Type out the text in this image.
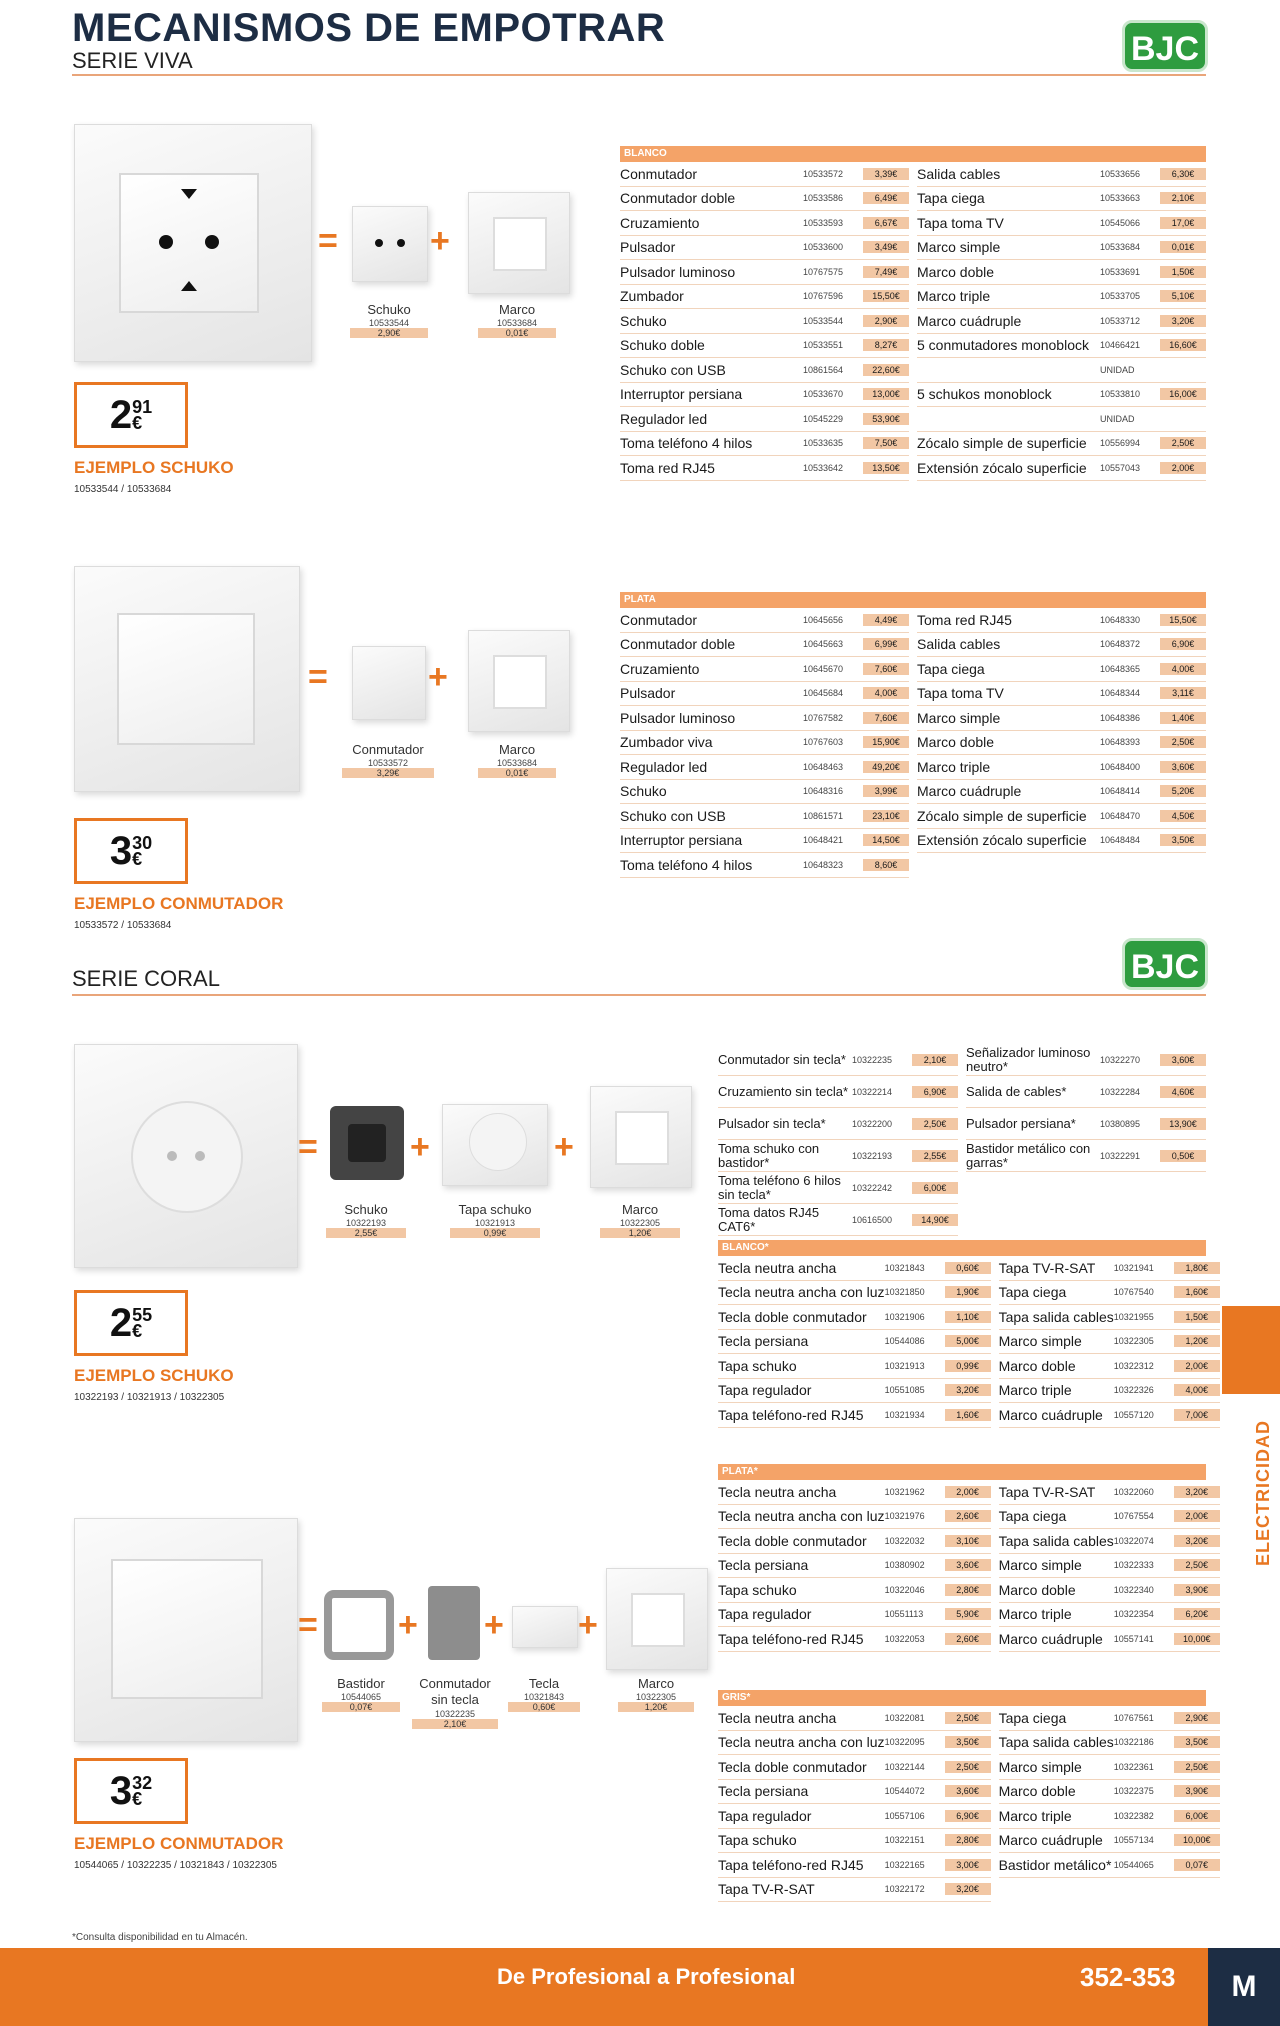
MECANISMOS DE EMPOTRAR
SERIE VIVA	BJC
=	+
Schuko
10533544
2,90€
Marco
10533684
0,01€
2 91
€
EJEMPLO SCHUKO
10533544 / 10533684
BLANCO
Conmutador	10533572	3,39€
Conmutador doble	10533586	6,49€
Cruzamiento	10533593	6,67€
Pulsador	10533600	3,49€
Pulsador luminoso	10767575	7,49€
Zumbador	10767596	15,50€
Schuko	10533544	2,90€
Schuko doble	10533551	8,27€
Schuko con USB	10861564	22,60€
Interruptor persiana	10533670	13,00€
Regulador led	10545229	53,90€
Toma teléfono 4 hilos	10533635	7,50€
Toma red RJ45	10533642	13,50€
Salida cables	10533656	6,30€
Tapa ciega	10533663	2,10€
Tapa toma TV	10545066	17,0€
Marco simple	10533684	0,01€
Marco doble	10533691	1,50€
Marco triple	10533705	5,10€
Marco cuádruple	10533712	3,20€
5 conmutadores monoblock	10466421	16,60€
UNIDAD
5 schukos monoblock	10533810	16,00€
UNIDAD
Zócalo simple de superficie	10556994	2,50€
Extensión zócalo superficie	10557043	2,00€
=	+
Conmutador
10533572
3,29€
Marco
10533684
0,01€
3 30
€
EJEMPLO CONMUTADOR
10533572 / 10533684
PLATA
Conmutador	10645656	4,49€
Conmutador doble	10645663	6,99€
Cruzamiento	10645670	7,60€
Pulsador	10645684	4,00€
Pulsador luminoso	10767582	7,60€
Zumbador viva	10767603	15,90€
Regulador led	10648463	49,20€
Schuko	10648316	3,99€
Schuko con USB	10861571	23,10€
Interruptor persiana	10648421	14,50€
Toma teléfono 4 hilos	10648323	8,60€
Toma red RJ45	10648330	15,50€
Salida cables	10648372	6,90€
Tapa ciega	10648365	4,00€
Tapa toma TV	10648344	3,11€
Marco simple	10648386	1,40€
Marco doble	10648393	2,50€
Marco triple	10648400	3,60€
Marco cuádruple	10648414	5,20€
Zócalo simple de superficie	10648470	4,50€
Extensión zócalo superficie	10648484	3,50€
SERIE CORAL	BJC
=	+	+
Schuko
10322193
2,55€
Tapa schuko
10321913
0,99€
Marco
10322305
1,20€
2 55
€
EJEMPLO SCHUKO
10322193 / 10321913 / 10322305
Conmutador sin tecla* 10322235	2,10€
Cruzamiento sin tecla* 10322214	6,90€
Pulsador sin tecla*	10322200	2,50€
Toma schuko con bastidor*	10322193	2,55€
Toma teléfono 6 hilos sin tecla*	10322242	6,00€
Toma datos RJ45 CAT6*	10616500	14,90€
Señalizador luminoso neutro*	10322270	3,60€
Salida de cables*	10322284	4,60€
Pulsador persiana*	10380895	13,90€
Bastidor metálico con garras*	10322291	0,50€
BLANCO*
Tecla neutra ancha	10321843	0,60€
Tecla neutra ancha con luz 10321850	1,90€
Tecla doble conmutador	10321906	1,10€
Tecla persiana	10544086	5,00€
Tapa schuko	10321913	0,99€
Tapa regulador	10551085	3,20€
Tapa teléfono-red RJ45	10321934	1,60€
Tapa TV-R-SAT	10321941	1,80€
Tapa ciega	10767540	1,60€
Tapa salida cables 10321955	1,50€
Marco simple	10322305	1,20€
Marco doble	10322312	2,00€
Marco triple	10322326	4,00€
Marco cuádruple	10557120	7,00€
= + + +
Bastidor
10544065
0,07€
Conmutador sin tecla
10322235
2,10€
Tecla
10321843
0,60€
Marco
10322305
1,20€
3 32
€
EJEMPLO CONMUTADOR
10544065 / 10322235 / 10321843 / 10322305
PLATA*
Tecla neutra ancha	10321962	2,00€
Tecla neutra ancha con luz 10321976	2,60€
Tecla doble conmutador	10322032	3,10€
Tecla persiana	10380902	3,60€
Tapa schuko	10322046	2,80€
Tapa regulador	10551113	5,90€
Tapa teléfono-red RJ45	10322053	2,60€
Tapa TV-R-SAT	10322060	3,20€
Tapa ciega	10767554	2,00€
Tapa salida cables 10322074	3,20€
Marco simple	10322333	2,50€
Marco doble	10322340	3,90€
Marco triple	10322354	6,20€
Marco cuádruple	10557141	10,00€
GRIS*
Tecla neutra ancha	10322081	2,50€
Tecla neutra ancha con luz 10322095	3,50€
Tecla doble conmutador	10322144	2,50€
Tecla persiana	10544072	3,60€
Tapa regulador	10557106	6,90€
Tapa schuko	10322151	2,80€
Tapa teléfono-red RJ45	10322165	3,00€
Tapa TV-R-SAT	10322172	3,20€
Tapa ciega	10767561	2,90€
Tapa salida cables 10322186	3,50€
Marco simple	10322361	2,50€
Marco doble	10322375	3,90€
Marco triple	10322382	6,00€
Marco cuádruple	10557134	10,00€
Bastidor metálico* 10544065	0,07€
*Consulta disponibilidad en tu Almacén.
ELECTRICIDAD
De Profesional a Profesional	352-353	M
